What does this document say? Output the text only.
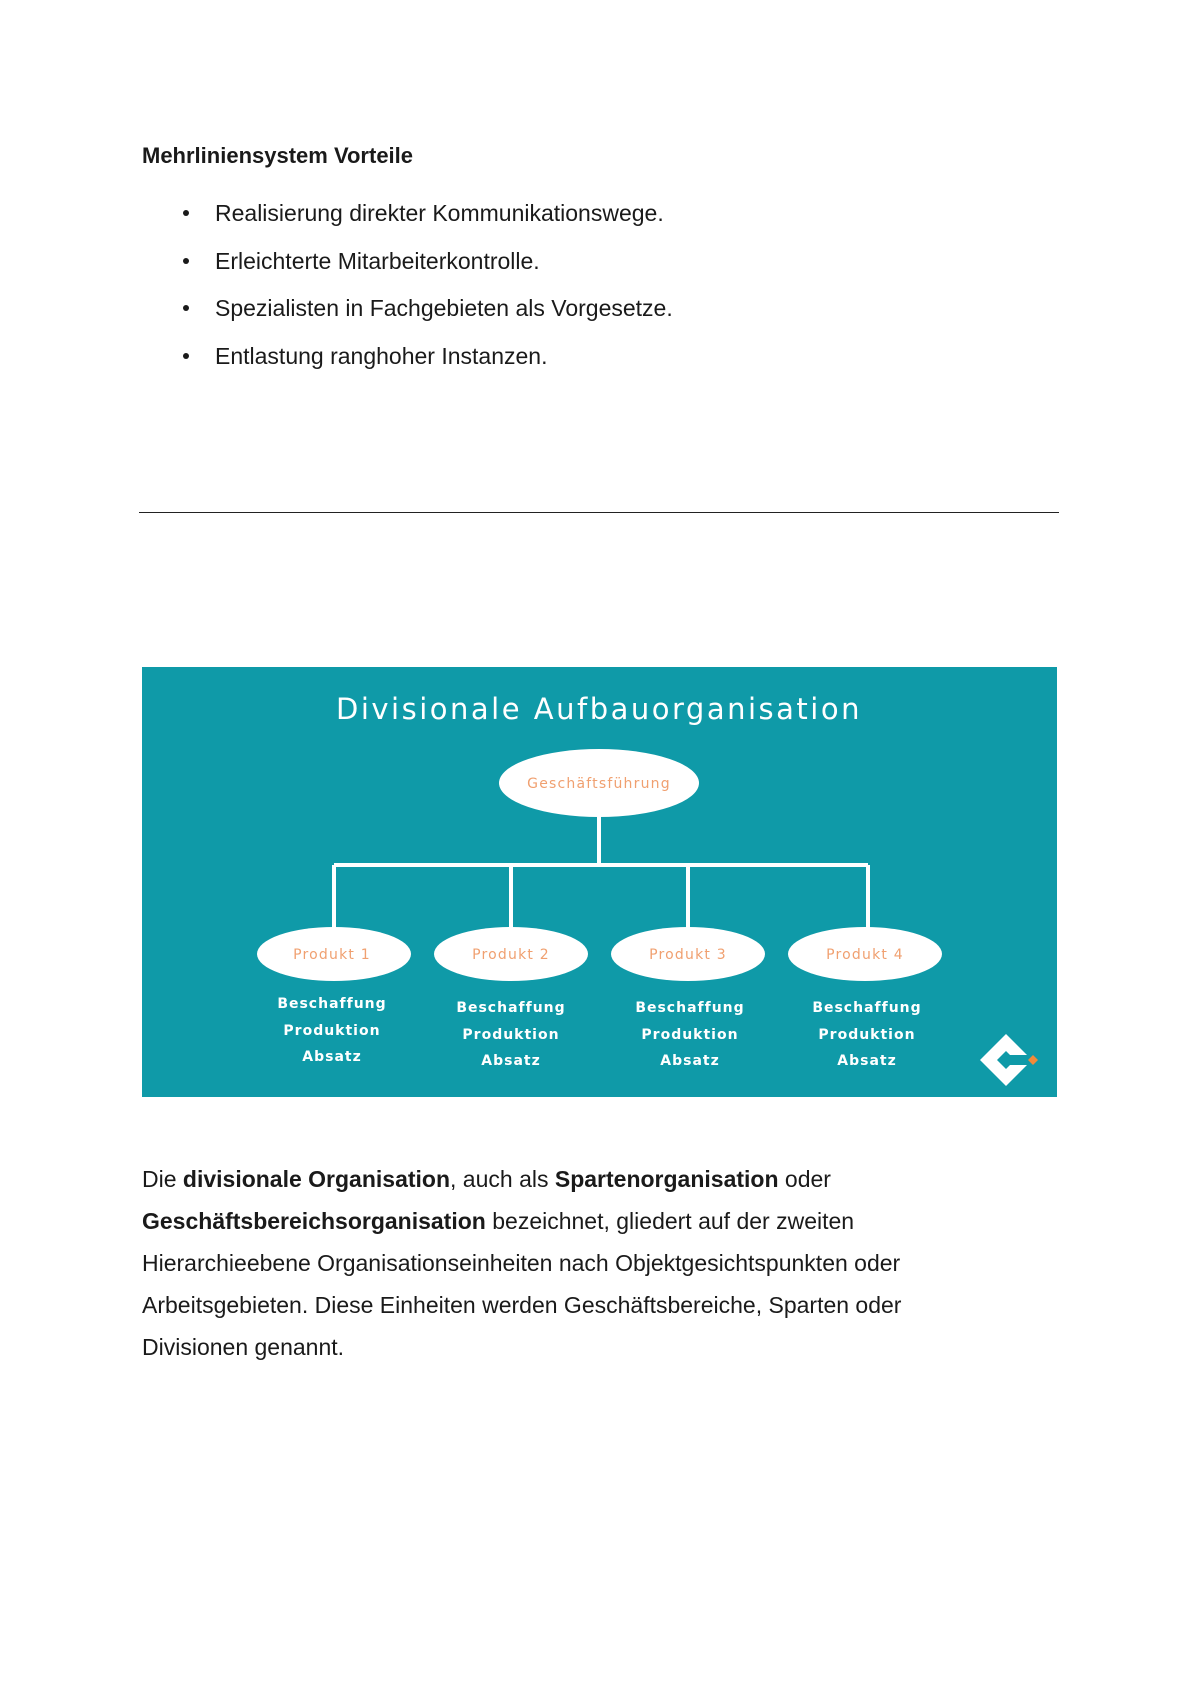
Mehrliniensystem Vorteile
Realisierung direkter Kommunikationswege.
Erleichterte Mitarbeiterkontrolle.
Spezialisten in Fachgebieten als Vorgesetze.
Entlastung ranghoher Instanzen.
Divisionale Aufbauorganisation
Geschäftsführung
Produkt 1
Beschaffung
Produktion
Absatz
Produkt 2
Beschaffung
Produktion
Absatz
Produkt 3
Beschaffung
Produktion
Absatz
Produkt 4
Beschaffung
Produktion
Absatz

Die divisionale Organisation, auch als Spartenorganisation oder Geschäftsbereichsorganisation bezeichnet, gliedert auf der zweiten Hierarchieebene Organisationseinheiten nach Objektgesichtspunkten oder Arbeitsgebieten. Diese Einheiten werden Geschäftsbereiche, Sparten oder Divisionen genannt.
